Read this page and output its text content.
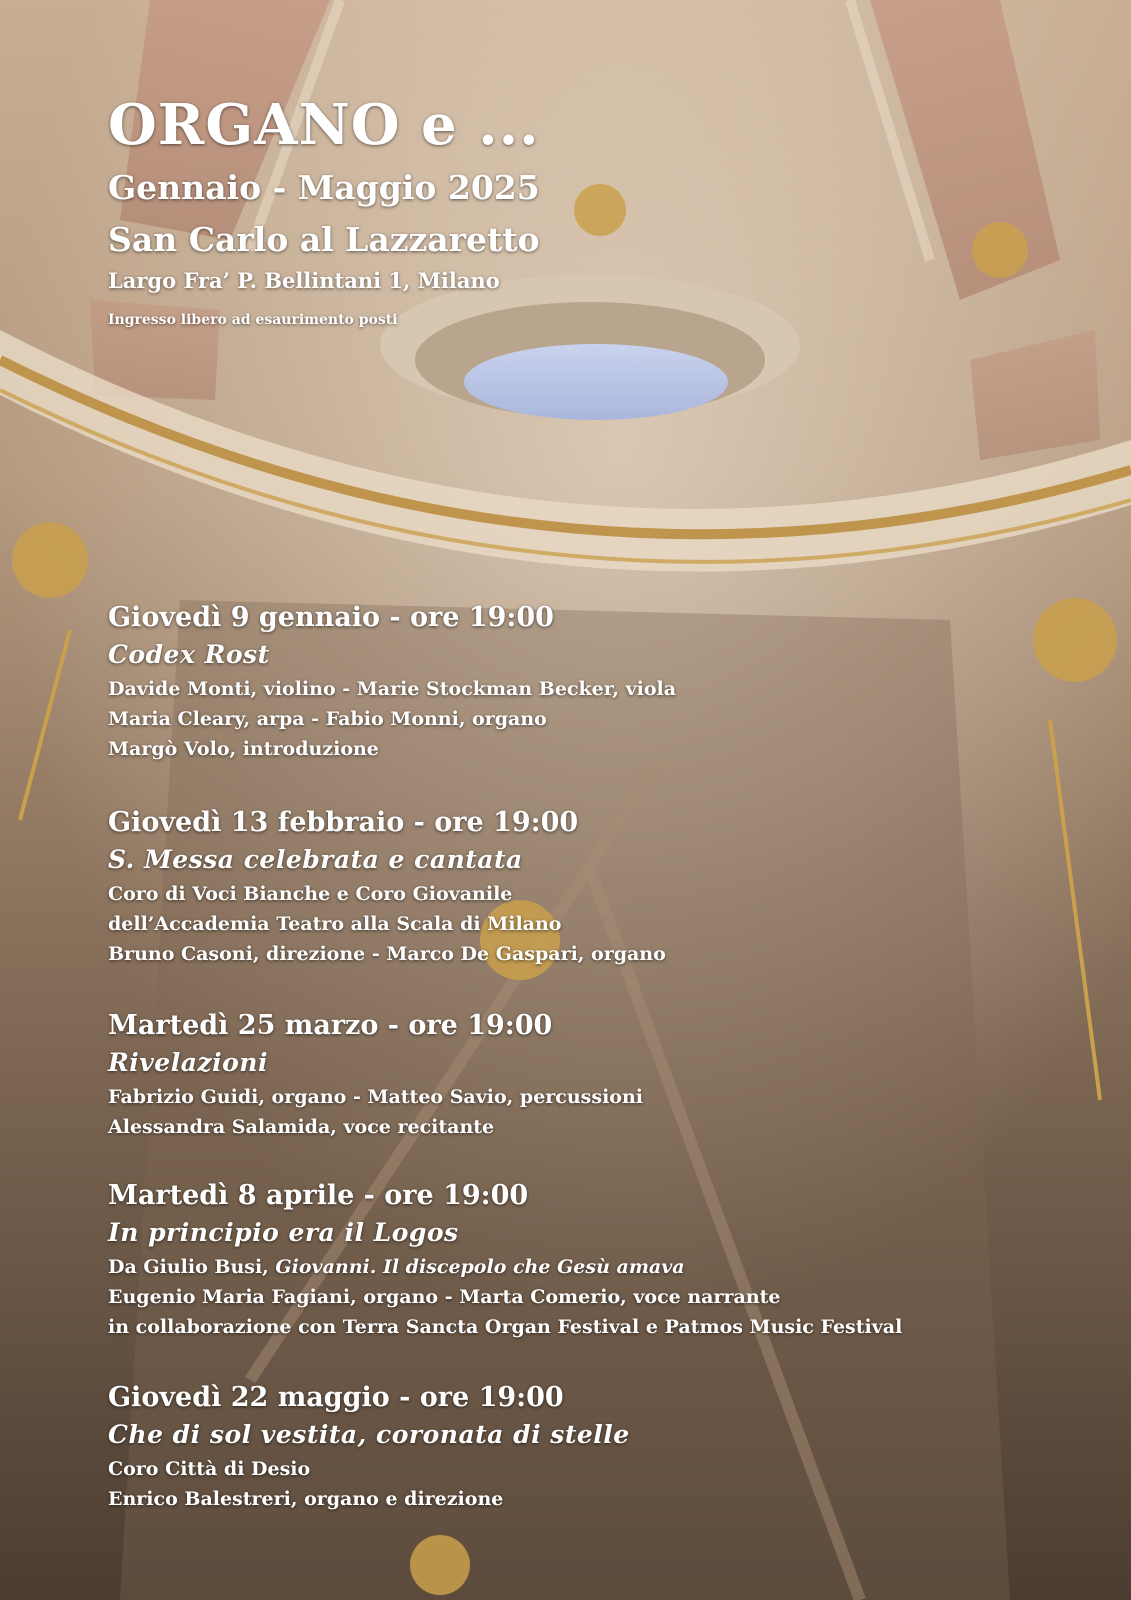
ORGANO e ...
Gennaio - Maggio 2025
San Carlo al Lazzaretto
Largo Fra’ P. Bellintani 1, Milano
Ingresso libero ad esaurimento posti
Giovedì 9 gennaio - ore 19:00
Codex Rost
Davide Monti, violino - Marie Stockman Becker, viola
Maria Cleary, arpa - Fabio Monni, organo
Margò Volo, introduzione
Giovedì 13 febbraio - ore 19:00
S. Messa celebrata e cantata
Coro di Voci Bianche e Coro Giovanile
dell’Accademia Teatro alla Scala di Milano
Bruno Casoni, direzione - Marco De Gaspari, organo
Martedì 25 marzo - ore 19:00
Rivelazioni
Fabrizio Guidi, organo - Matteo Savio, percussioni
Alessandra Salamida, voce recitante
Martedì 8 aprile - ore 19:00
In principio era il Logos
Da Giulio Busi, Giovanni. Il discepolo che Gesù amava
Eugenio Maria Fagiani, organo - Marta Comerio, voce narrante
in collaborazione con Terra Sancta Organ Festival e Patmos Music Festival
Giovedì 22 maggio - ore 19:00
Che di sol vestita, coronata di stelle
Coro Città di Desio
Enrico Balestreri, organo e direzione
